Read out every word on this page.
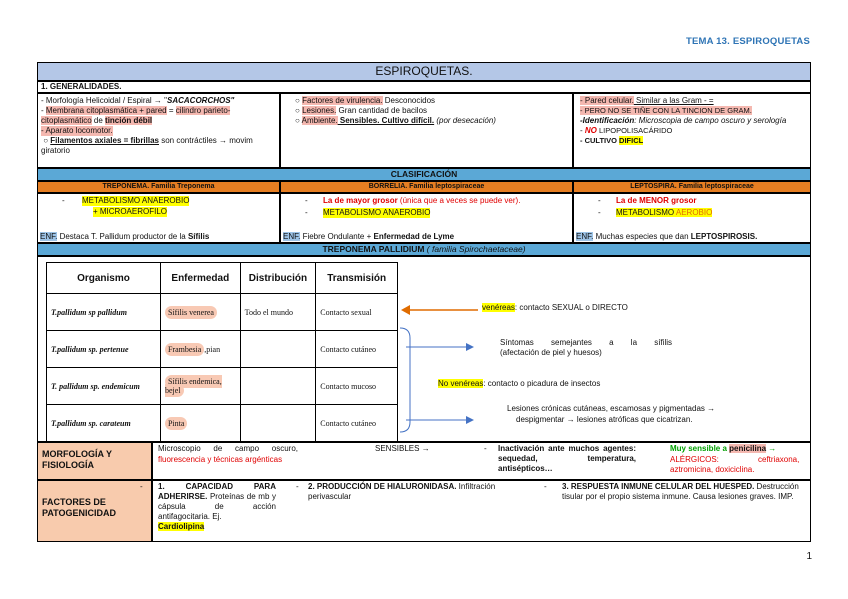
TEMA 13. ESPIROQUETAS
ESPIROQUETAS.
1. GENERALIDADES.
- Morfología Helicoidal / Espiral → "SACACORCHOS"
- Membrana citoplasmática + pared = cilindro parieto-citoplasmático de tinción débil
- Aparato locomotor.
○ Filamentos axiales = fibrillas son contráctiles → movim giratorio
○ Factores de virulencia. Desconocidos
○ Lesiones. Gran cantidad de bacilos
○ Ambiente. Sensibles. Cultivo difícil. (por desecación)
- Pared celular. Similar a las Gram - =
- PERO NO SE TIÑE CON LA TINCION DE GRAM.
-Identificación: Microscopia de campo oscuro y serología
- NO LIPOPOLISACÁRIDO
- CULTIVO DIFICL
CLASIFICACIÓN
TREPONEMA. Familia Treponema	BORRELIA. Familia leptospiraceae	LEPTOSPIRA. Familia leptospiraceae
- METABOLISMO ANAEROBIO
+ MICROAEROFILO
ENF. Destaca T. Pallidum productor de la Sífilis
- La de mayor grosor (única que a veces se puede ver).
- METABOLISMO ANAEROBIO
ENF. Fiebre Ondulante + Enfermedad de Lyme
- La de MENOR grosor
- METABOLISMO AEROBIO
ENF. Muchas especies que dan LEPTOSPIROSIS.
TREPONEMA PALLIDIUM ( familia Spirochaetaceae)
Organismo	Enfermedad	Distribución	Transmisión
T.pallidum sp pallidum	Sífilis venerea	Todo el mundo	Contacto sexual
T.pallidum sp. pertenue	Frambesia ,pian		Contacto cutáneo
T. pallidum sp. endemicum	Sífilis endemica, bejel		Contacto mucoso
T.pallidum sp. carateum	Pinta		Contacto cutáneo
venéreas: contacto SEXUAL o DIRECTO
Síntomas semejantes a la sífilis
(afectación de piel y huesos)
No venéreas: contacto o picadura de insectos
Lesiones crónicas cutáneas, escamosas y pigmentadas →
despigmentar → lesiones atróficas que cicatrizan.
MORFOLOGÍA Y FISIOLOGÍA
Microscopio de campo oscuro,
fluorescencia y técnicas argénticas
SENSIBLES →	- Inactivación ante muchos agentes: sequedad, temperatura, antisépticos…
Muy sensible a penicilina →
ALÉRGICOS:	ceftriaxona, aztromicina, doxiciclina.
FACTORES DE PATOGENICIDAD
- 1. CAPACIDAD PARA ADHERIRSE. Proteínas de mb y cápsula de acción antifagocitaria. Ej.
Cardiolipina
- 2. PRODUCCIÓN DE HIALURONIDASA. Infiltración perivascular
- 3. RESPUESTA INMUNE CELULAR DEL HUESPED. Destrucción tisular por el propio sistema inmune. Causa lesiones graves. IMP.
1
